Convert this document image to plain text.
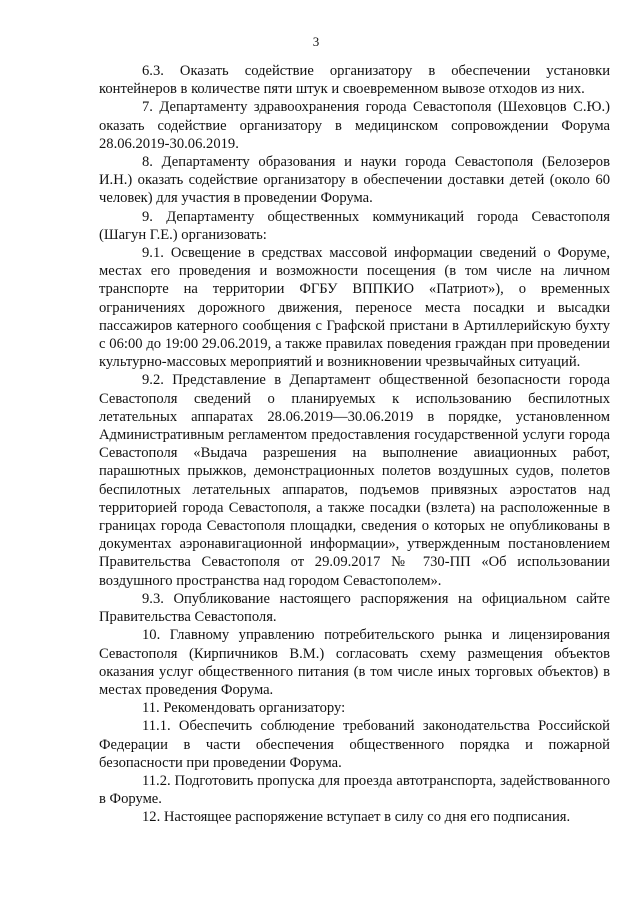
3

6.3. Оказать содействие организатору в обеспечении установки контейнеров в количестве пяти штук и своевременном вывозе отходов из них.

7. Департаменту здравоохранения города Севастополя (Шеховцов С.Ю.) оказать содействие организатору в медицинском сопровождении Форума 28.06.2019-30.06.2019.

8. Департаменту образования и науки города Севастополя (Белозеров И.Н.) оказать содействие организатору в обеспечении доставки детей (около 60 человек) для участия в проведении Форума.

9. Департаменту общественных коммуникаций города Севастополя (Шагун Г.Е.) организовать:

9.1. Освещение в средствах массовой информации сведений о Форуме, местах его проведения и возможности посещения (в том числе на личном транспорте на территории ФГБУ ВППКИО «Патриот»), о временных ограничениях дорожного движения, переносе места посадки и высадки пассажиров катерного сообщения с Графской пристани в Артиллерийскую бухту с 06:00 до 19:00 29.06.2019, а также правилах поведения граждан при проведении культурно-массовых мероприятий и возникновении чрезвычайных ситуаций.

9.2. Представление в Департамент общественной безопасности города Севастополя сведений о планируемых к использованию беспилотных летательных аппаратах 28.06.2019—30.06.2019 в порядке, установленном Административным регламентом предоставления государственной услуги города Севастополя «Выдача разрешения на выполнение авиационных работ, парашютных прыжков, демонстрационных полетов воздушных судов, полетов беспилотных летательных аппаратов, подъемов привязных аэростатов над территорией города Севастополя, а также посадки (взлета) на расположенные в границах города Севастополя площадки, сведения о которых не опубликованы в документах аэронавигационной информации», утвержденным постановлением Правительства Севастополя от 29.09.2017 № 730-ПП «Об использовании воздушного пространства над городом Севастополем».

9.3. Опубликование настоящего распоряжения на официальном сайте Правительства Севастополя.

10. Главному управлению потребительского рынка и лицензирования Севастополя (Кирпичников В.М.) согласовать схему размещения объектов оказания услуг общественного питания (в том числе иных торговых объектов) в местах проведения Форума.

11. Рекомендовать организатору:

11.1. Обеспечить соблюдение требований законодательства Российской Федерации в части обеспечения общественного порядка и пожарной безопасности при проведении Форума.

11.2. Подготовить пропуска для проезда автотранспорта, задействованного в Форуме.

12. Настоящее распоряжение вступает в силу со дня его подписания.
